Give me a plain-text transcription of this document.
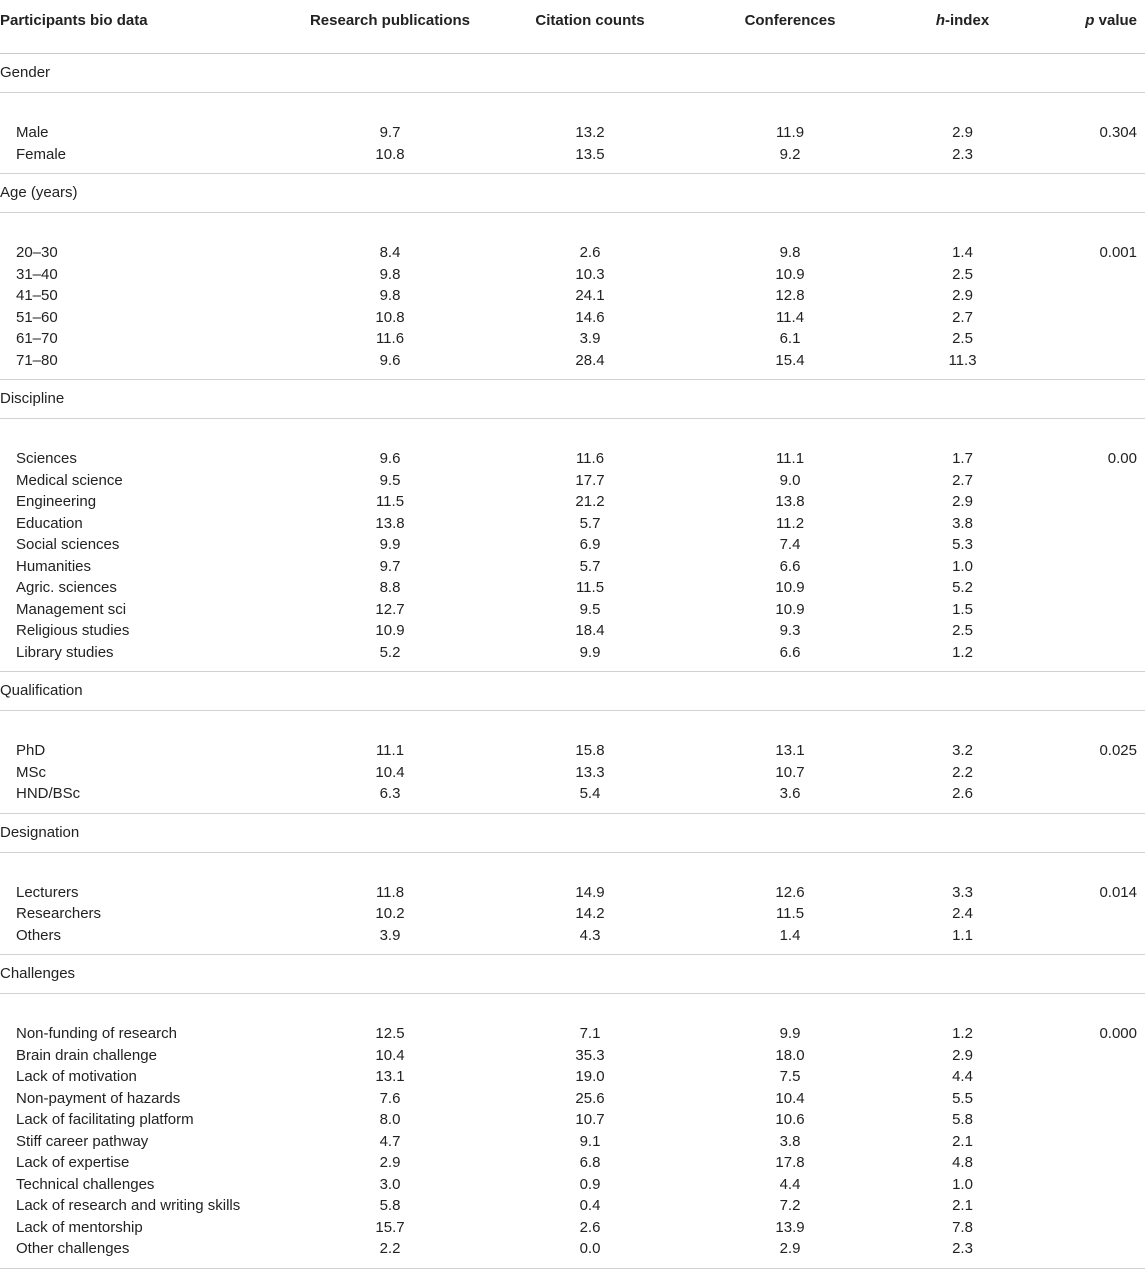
Participants bio data	Research publications	Citation counts	Conferences	h-index	p value
Gender					

Male	9.7	13.2	11.9	2.9	0.304
Female	10.8	13.5	9.2	2.3	
Age (years)					

20–30	8.4	2.6	9.8	1.4	0.001
31–40	9.8	10.3	10.9	2.5	
41–50	9.8	24.1	12.8	2.9	
51–60	10.8	14.6	11.4	2.7	
61–70	11.6	3.9	6.1	2.5	
71–80	9.6	28.4	15.4	11.3	
Discipline					

Sciences	9.6	11.6	11.1	1.7	0.00
Medical science	9.5	17.7	9.0	2.7	
Engineering	11.5	21.2	13.8	2.9	
Education	13.8	5.7	11.2	3.8	
Social sciences	9.9	6.9	7.4	5.3	
Humanities	9.7	5.7	6.6	1.0	
Agric. sciences	8.8	11.5	10.9	5.2	
Management sci	12.7	9.5	10.9	1.5	
Religious studies	10.9	18.4	9.3	2.5	
Library studies	5.2	9.9	6.6	1.2	
Qualification					

PhD	11.1	15.8	13.1	3.2	0.025
MSc	10.4	13.3	10.7	2.2	
HND/BSc	6.3	5.4	3.6	2.6	
Designation					

Lecturers	11.8	14.9	12.6	3.3	0.014
Researchers	10.2	14.2	11.5	2.4	
Others	3.9	4.3	1.4	1.1	
Challenges					

Non-funding of research	12.5	7.1	9.9	1.2	0.000
Brain drain challenge	10.4	35.3	18.0	2.9	
Lack of motivation	13.1	19.0	7.5	4.4	
Non-payment of hazards	7.6	25.6	10.4	5.5	
Lack of facilitating platform	8.0	10.7	10.6	5.8	
Stiff career pathway	4.7	9.1	3.8	2.1	
Lack of expertise	2.9	6.8	17.8	4.8	
Technical challenges	3.0	0.9	4.4	1.0	
Lack of research and writing skills	5.8	0.4	7.2	2.1	
Lack of mentorship	15.7	2.6	13.9	7.8	
Other challenges	2.2	0.0	2.9	2.3	
